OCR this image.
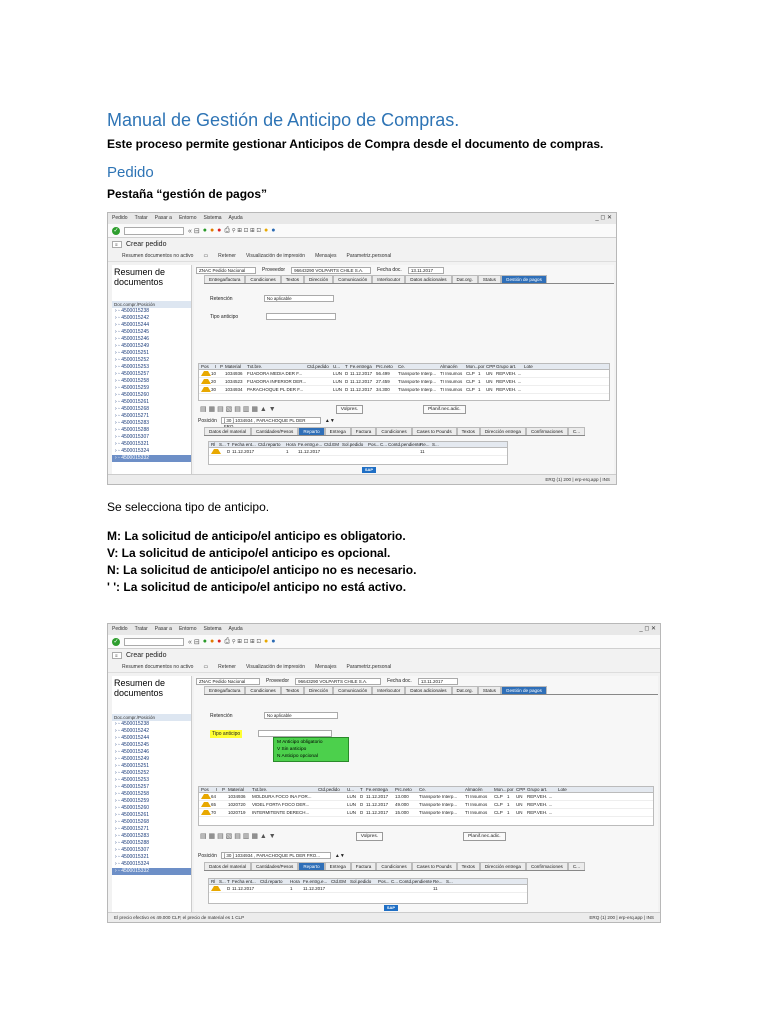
Manual de Gestión de Anticipo de Compras.
Este proceso permite gestionar Anticipos de Compra desde el documento de compras.
Pedido
Pestaña “gestión de pagos”
Pedido Tratar Pasar a Entorno Sistema Ayuda	_ ◻ ✕
✓	« ⊟ ● ● ● ⎙ ⚲ ⊞ ⊡ ⊞ ⊡ ● ●
≡	Crear pedido
Resumen documentos no activo ▭ Retener Visualización de impresión Mensajes Parametriz.personal
Resumen de documentos
Doc.compr./Posición
› ◦ 4500015238
› ◦ 4500015242
› ◦ 4500015244
› ◦ 4500015245
› ◦ 4500015246
› ◦ 4500015249
› ◦ 4500015251
› ◦ 4500015252
› ◦ 4500015253
› ◦ 4500015257
› ◦ 4500015258
› ◦ 4500015259
› ◦ 4500015260
› ◦ 4500015261
› ◦ 4500015268
› ◦ 4500015271
› ◦ 4500015283
› ◦ 4500015288
› ◦ 4500015307
› ◦ 4500015321
› ◦ 4500015324
› ◦ 4500015332
ZNAC Pedido Nacional	Proveedor	96643290 VOLPARTS CHILE S.A.	Fecha doc.	13.11.2017
Entrega/factura	Condiciones	Textos	Dirección	Comunicación	Interlocutor	Datos adicionales	Dat.org.	Status	Gestión de pagos
Retención	No aplicable
Tipo anticipo
Pos	I P Material	Txt.bre.	Ctd.pedido U...	T Fe.entrega Prc.neto	Ce.	Almacén	Mon... por CPP Grupo art.	Lote
10	1034936 FIJADORA MEDIA DER F...	LUN D 11.12.2017 56.499	Transporte Interp... TI Insumos CLP 1	UN REP.VEH. ...
20	1034523 FIJADORA INFERIOR DER...	LUN D 11.12.2017 27.459	Transporte Interp... TI Insumos CLP 1	UN REP.VEH. ...
30	1034934 PARACHOQUE PL DER F...	LUN D 11.12.2017 34.300	Transporte Interp... TI Insumos CLP 1	UN REP.VEH. ...
▤ ▦ ▤ ▧ ▤ ▥ ▦ ▲ ▼	Volpres.	Planif.nec.adic.
Posición	[ 30 ] 1034934 , PARACHOQUE PL DER	▲▼
Datos del material	Cantidades/Pesos	Reparto	Entrega	Factura	Condiciones	Cases to Pounds	Textos	Dirección entrega	Confirmaciones	C...
Rl S... T Fecha ent... Ctd.reparto	Hora Fe.entrg.e... Ctd.EM Sol.pedido	Pos... C... Contd.pendiente
Re... S...
D 11.12.2017	1	11.12.2017	11
SAP
ERQ (1) 200 | erp-erq.app | INS
Se selecciona tipo de anticipo.
M: La solicitud de anticipo/el anticipo es obligatorio.
V: La solicitud de anticipo/el anticipo es opcional.
N: La solicitud de anticipo/el anticipo no es necesario.
' ': La solicitud de anticipo/el anticipo no está activo.
Pedido Tratar Pasar a Entorno Sistema Ayuda	_ ◻ ✕
✓	« ⊟ ● ● ● ⎙ ⚲ ⊞ ⊡ ⊞ ⊡ ● ●
≡	Crear pedido
Resumen documentos no activo ▭ Retener Visualización de impresión Mensajes Parametriz.personal
Resumen de documentos
Doc.compr./Posición
› ◦ 4500015238
› ◦ 4500015242
› ◦ 4500015244
› ◦ 4500015245
› ◦ 4500015246
› ◦ 4500015249
› ◦ 4500015251
› ◦ 4500015252
› ◦ 4500015253
› ◦ 4500015257
› ◦ 4500015258
› ◦ 4500015259
› ◦ 4500015260
› ◦ 4500015261
› ◦ 4500015268
› ◦ 4500015271
› ◦ 4500015283
› ◦ 4500015288
› ◦ 4500015307
› ◦ 4500015321
› ◦ 4500015324
› ◦ 4500015332
ZNAC Pedido Nacional	Proveedor	96643290 VOLPARTS CHILE S.A.	Fecha doc.	13.11.2017
Entrega/factura	Condiciones	Textos	Dirección	Comunicación	Interlocutor	Datos adicionales	Dat.org.	Status	Gestión de pagos
Retención	No aplicable
Tipo anticipo
M Anticipo obligatorio
V Sin anticipo
N Anticipo opcional
Pos	I	P Material	Txt.bre.	Ctd.pedido	U...	T Fe.entrega	Prc.neto	Ce.	Almacén	Mon... por CPP Grupo art.	Lote
64	1034936	MOLDURA FOCO INA FOR...	LUN D 11.12.2017	13.000	Transporte Interp...	TI Insumos	CLP 1	UN	REP.VEH. ...
65	1020720	VIDEL FORTA FOCO DER...	LUN D 11.12.2017	49.000	Transporte Interp...	TI Insumos	CLP 1	UN	REP.VEH. ...
70	1020719	INTERMITENTE DERECH...	LUN D 11.12.2017	15.000	Transporte Interp...	TI Insumos	CLP 1	UN	REP.VEH. ...
▤ ▦ ▤ ▧ ▤ ▥ ▦ ▲ ▼	Volpres.	Planif.nec.adic.
Posición	[ 30 ] 1034934 , PARACHOQUE PL DER FRO...	▲▼
Datos del material	Cantidades/Pesos	Reparto	Entrega	Factura	Condiciones	Cases to Pounds	Textos	Dirección entrega	Confirmaciones	C...
Rl S... T Fecha ent... Ctd.reparto	Hora Fe.entrg.e... Ctd.EM Sol.pedido	Pos... C... Contd.pendiente Re... S...
D 11.12.2017	1	11.12.2017	11
SAP
El precio efectivo es 49.000 CLP, el precio de material es 1 CLP	ERQ (1) 200 | erp-erq.app | INS
